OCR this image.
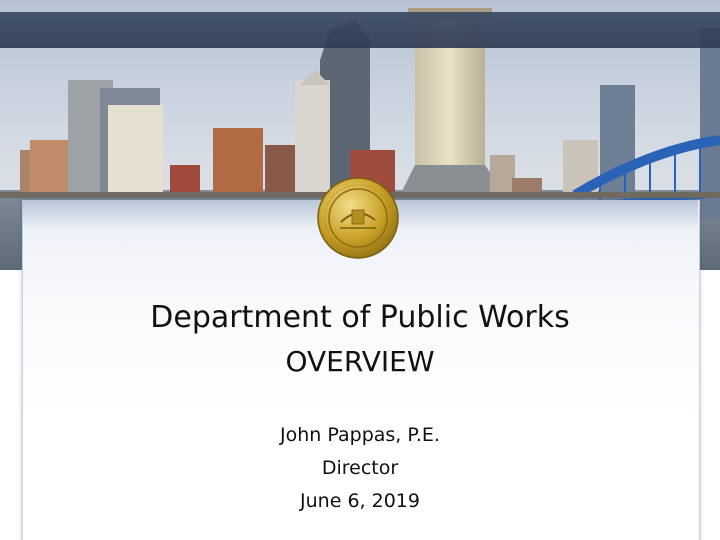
Department of Public Works
OVERVIEW
John Pappas, P.E.
Director
June 6, 2019
